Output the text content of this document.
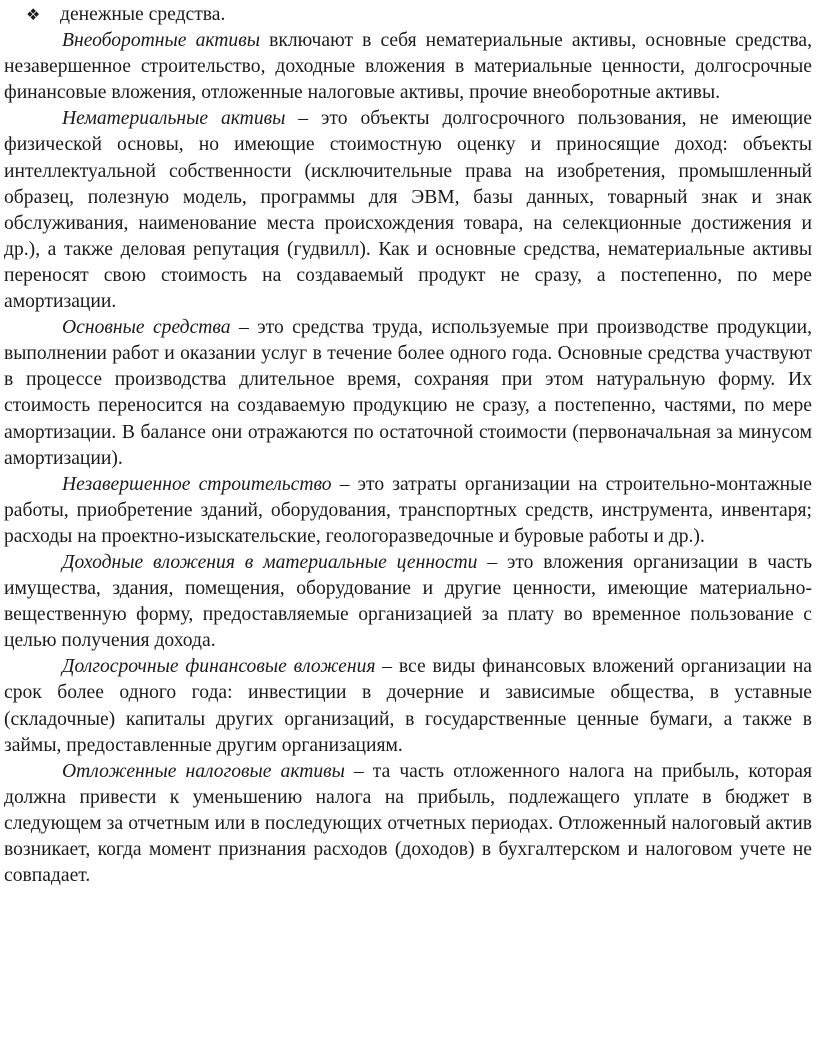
❖ денежные средства.

Внеоборотные активы включают в себя нематериальные активы, основные средства, незавершенное строительство, доходные вложения в материальные ценности, долгосрочные финансовые вложения, отложенные налоговые активы, прочие внеоборотные активы.

Нематериальные активы – это объекты долгосрочного пользования, не имеющие физической основы, но имеющие стоимостную оценку и приносящие доход: объекты интеллектуальной собственности (исключительные права на изобретения, промышленный образец, полезную модель, программы для ЭВМ, базы данных, товарный знак и знак обслуживания, наименование места происхождения товара, на селекционные достижения и др.), а также деловая репутация (гудвилл). Как и основные средства, нематериальные активы переносят свою стоимость на создаваемый продукт не сразу, а постепенно, по мере амортизации.

Основные средства – это средства труда, используемые при производстве продукции, выполнении работ и оказании услуг в течение более одного года. Основные средства участвуют в процессе производства длительное время, сохраняя при этом натуральную форму. Их стоимость переносится на создаваемую продукцию не сразу, а постепенно, частями, по мере амортизации. В балансе они отражаются по остаточной стоимости (первоначальная за минусом амортизации).

Незавершенное строительство – это затраты организации на строительно-монтажные работы, приобретение зданий, оборудования, транспортных средств, инструмента, инвентаря; расходы на проектно-изыскательские, геологоразведочные и буровые работы и др.).

Доходные вложения в материальные ценности – это вложения организации в часть имущества, здания, помещения, оборудование и другие ценности, имеющие материально-вещественную форму, предоставляемые организацией за плату во временное пользование с целью получения дохода.

Долгосрочные финансовые вложения – все виды финансовых вложений организации на срок более одного года: инвестиции в дочерние и зависимые общества, в уставные (складочные) капиталы других организаций, в государственные ценные бумаги, а также в займы, предоставленные другим организациям.

Отложенные налоговые активы – та часть отложенного налога на прибыль, которая должна привести к уменьшению налога на прибыль, подлежащего уплате в бюджет в следующем за отчетным или в последующих отчетных периодах. Отложенный налоговый актив возникает, когда момент признания расходов (доходов) в бухгалтерском и налоговом учете не совпадает.
